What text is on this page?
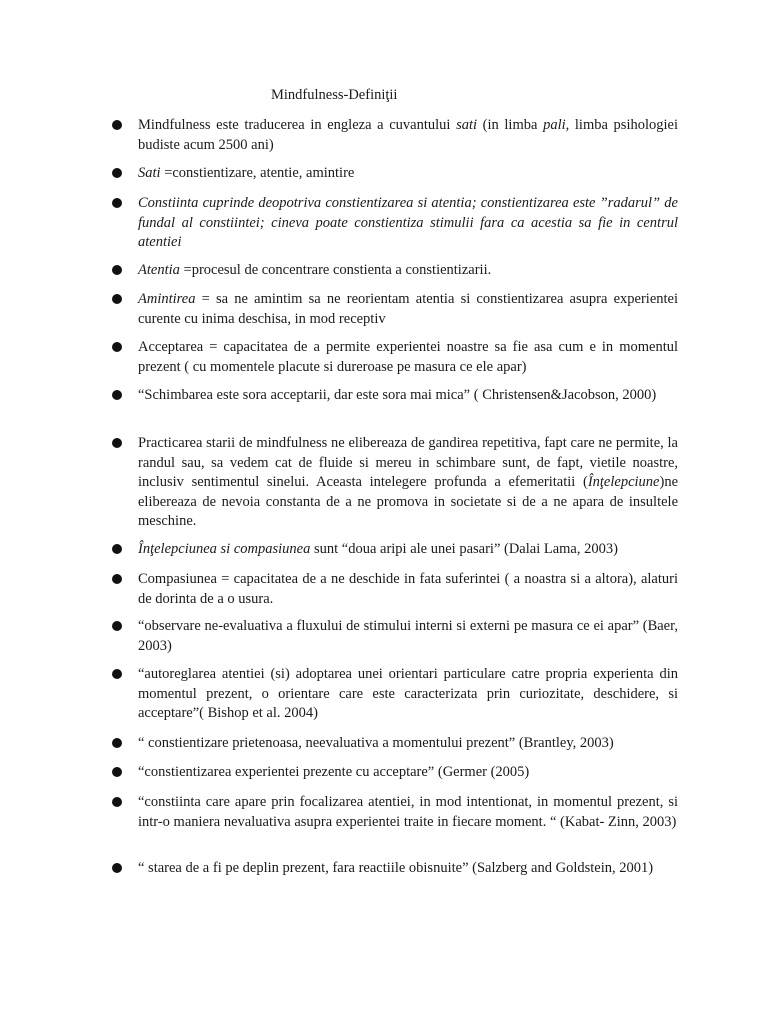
Mindfulness-Definiţii
Mindfulness este traducerea in engleza a cuvantului sati (in limba pali, limba psihologiei budiste acum 2500 ani)
Sati =constientizare, atentie, amintire
Constiinta cuprinde deopotriva constientizarea si atentia; constientizarea este ”radarul” de fundal al constiintei; cineva poate constientiza stimulii fara ca acestia sa fie in centrul atentiei
Atentia =procesul de concentrare constienta a constientizarii.
Amintirea = sa ne amintim sa ne reorientam atentia si constientizarea asupra experientei curente cu inima deschisa, in mod receptiv
Acceptarea = capacitatea de a permite experientei noastre sa fie asa cum e in momentul prezent ( cu momentele placute si dureroase pe masura ce ele apar)
“Schimbarea este sora acceptarii, dar este sora mai mica” ( Christensen&Jacobson, 2000)
Practicarea starii de mindfulness ne elibereaza de gandirea repetitiva, fapt care ne permite, la randul sau, sa vedem cat de fluide si mereu in schimbare sunt, de fapt, vietile noastre, inclusiv sentimentul sinelui. Aceasta intelegere profunda a efemeritatii (Înţelepciune)ne elibereaza de nevoia constanta de a ne promova in societate si de a ne apara de insultele meschine.
Înţelepciunea si compasiunea sunt “doua aripi ale unei pasari” (Dalai Lama, 2003)
Compasiunea = capacitatea de a ne deschide in fata suferintei ( a noastra si a altora), alaturi de dorinta de a o usura.
“observare ne-evaluativa a fluxului de stimului interni si externi pe masura ce ei apar” (Baer, 2003)
“autoreglarea atentiei (si) adoptarea unei orientari particulare catre propria experienta din momentul prezent, o orientare care este caracterizata prin curiozitate, deschidere, si acceptare”( Bishop et al. 2004)
“ constientizare prietenoasa, neevaluativa a momentului prezent” (Brantley, 2003)
“constientizarea experientei prezente cu acceptare” (Germer (2005)
“constiinta care apare prin focalizarea atentiei, in mod intentionat, in momentul prezent, si intr-o maniera nevaluativa asupra experientei traite in fiecare moment. “ (Kabat- Zinn, 2003)
“ starea de a fi pe deplin prezent, fara reactiile obisnuite” (Salzberg and Goldstein, 2001)
